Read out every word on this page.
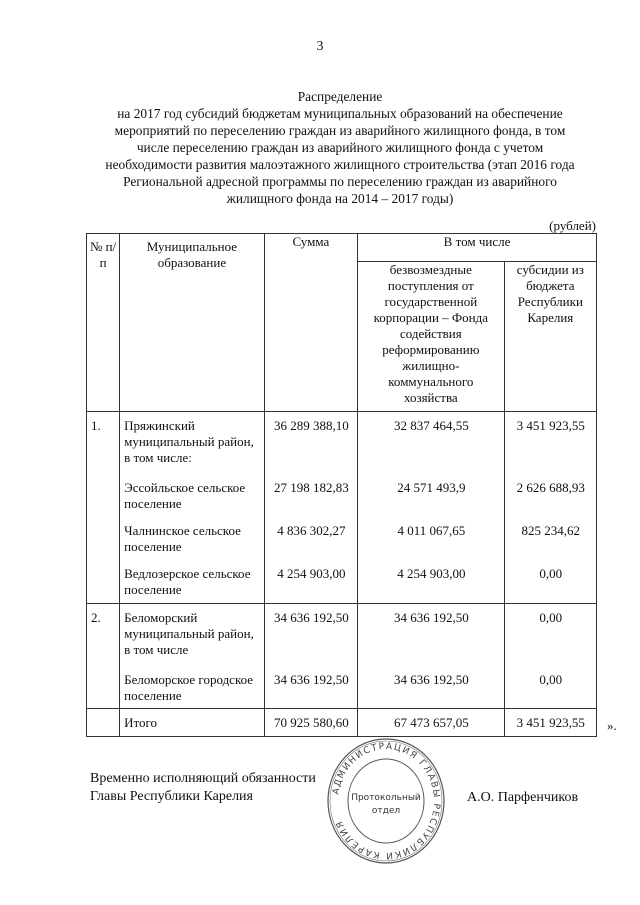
3
Распределение
на 2017 год субсидий бюджетам муниципальных образований на обеспечение
мероприятий по переселению граждан из аварийного жилищного фонда, в том
числе переселению граждан из аварийного жилищного фонда с учетом
необходимости развития малоэтажного жилищного строительства (этап 2016 года
Региональной адресной программы по переселению граждан из аварийного
жилищного фонда на 2014 – 2017 годы)
(рублей)
№ п/п	Муниципальное образование	Сумма	В том числе	
			безвозмездные поступления от государственной корпорации – Фонда содействия реформированию жилищно-коммунального хозяйства	субсидии из бюджета Республики Карелия
1.	Пряжинский муниципальный район, в том числе:	36 289 388,10	32 837 464,55	3 451 923,55
	Эссойльское сельское поселение	27 198 182,83	24 571 493,9	2 626 688,93
	Чалнинское сельское поселение	4 836 302,27	4 011 067,65	825 234,62
	Ведлозерское сельское поселение	4 254 903,00	4 254 903,00	0,00
2.	Беломорский муниципальный район, в том числе	34 636 192,50	34 636 192,50	0,00
	Беломорское городское поселение	34 636 192,50	34 636 192,50	0,00
	Итого	70 925 580,60	67 473 657,05	3 451 923,55 ».
Временно исполняющий обязанности
Главы Республики Карелия	АДМИНИСТРАЦИЯ ГЛАВЫ РЕСПУБЛИКИ КАРЕЛИЯ
Протокольный
отдел
А.О. Парфенчиков
